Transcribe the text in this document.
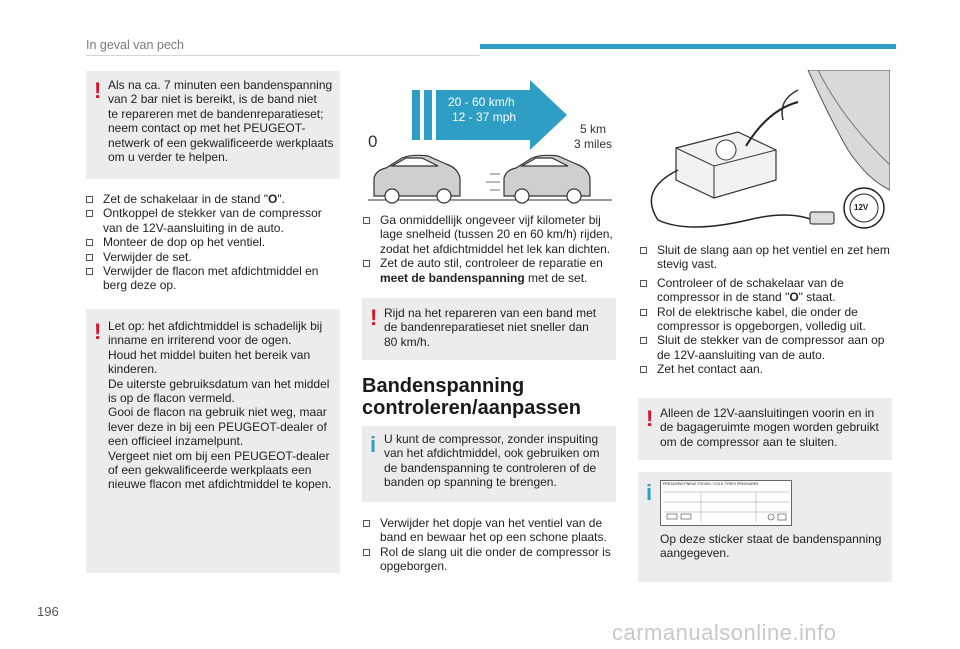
In geval van pech
! Als na ca. 7 minuten een bandenspanning

van 2 bar niet is bereikt, is de band niet

te repareren met de bandenreparatieset;

neem contact op met het PEUGEOT-

netwerk of een gekwalificeerde werkplaats

om u verder te helpen.

Zet de schakelaar in de stand "O".
Ontkoppel de stekker van de compressor
van de 12V-aansluiting in de auto.
Monteer de dop op het ventiel.
Verwijder de set.
Verwijder de flacon met afdichtmiddel en
berg deze op.
! Let op: het afdichtmiddel is schadelijk bij

inname en irriterend voor de ogen.

Houd het middel buiten het bereik van

kinderen.

De uiterste gebruiksdatum van het middel

is op de flacon vermeld.

Gooi de flacon na gebruik niet weg, maar

lever deze in bij een PEUGEOT-dealer of

een officieel inzamelpunt.

Vergeet niet om bij een PEUGEOT-dealer

of een gekwalificeerde werkplaats een

nieuwe flacon met afdichtmiddel te kopen.

20 - 60 km/h
12 - 37 mph
0
5 km
3 miles
Ga onmiddellijk ongeveer vijf kilometer bij
lage snelheid (tussen 20 en 60 km/h) rijden,
zodat het afdichtmiddel het lek kan dichten.
Zet de auto stil, controleer de reparatie en
meet de bandenspanning met de set.
! Rijd na het repareren van een band met

de bandenreparatieset niet sneller dan

80 km/h.

Bandenspanning
controleren/aanpassen
i U kunt de compressor, zonder inspuiting

van het afdichtmiddel, ook gebruiken om

de bandenspanning te controleren of de

banden op spanning te brengen.

Verwijder het dopje van het ventiel van de
band en bewaar het op een schone plaats.
Rol de slang uit die onder de compressor is
opgeborgen.
12V
Sluit de slang aan op het ventiel en zet hem
stevig vast.
Controleer of de schakelaar van de
compressor in de stand "O" staat.
Rol de elektrische kabel, die onder de
compressor is opgeborgen, volledig uit.
Sluit de stekker van de compressor aan op
de 12V-aansluiting van de auto.
Zet het contact aan.
! Alleen de 12V-aansluitingen voorin en in

de bagageruimte mogen worden gebruikt

om de compressor aan te sluiten.

i	PRESSIONS PNEUS TROIDS / COLD TYRES PRESSURES

Op deze sticker staat de bandenspanning

aangegeven.

196
carmanualsonline.info
